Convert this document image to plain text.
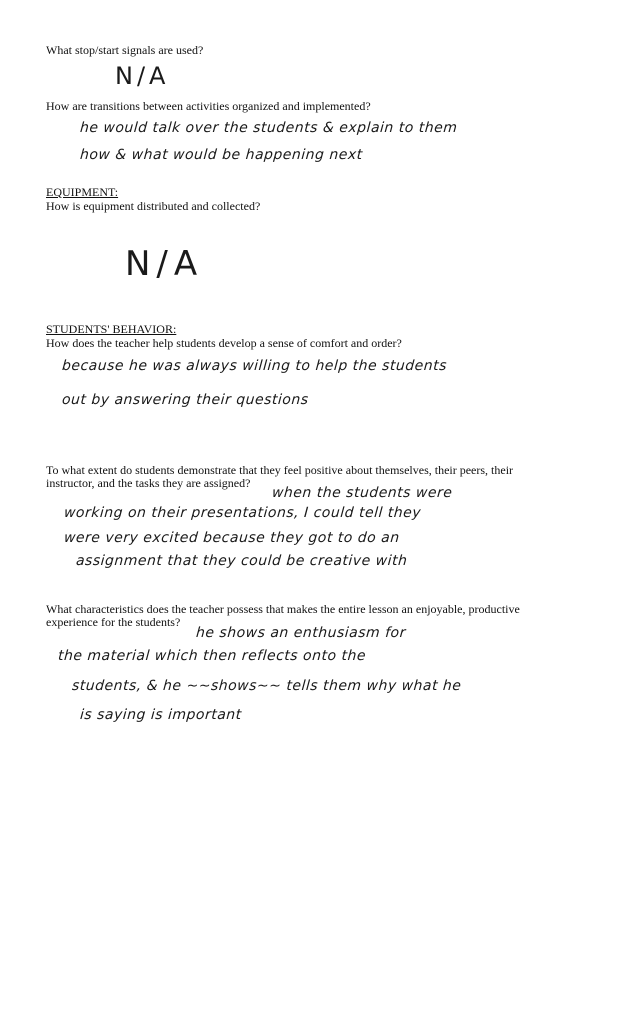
What stop/start signals are used?
N/A
How are transitions between activities organized and implemented?
he would talk over the students & explain to them
how & what would be happening next
EQUIPMENT:
How is equipment distributed and collected?
N/A
STUDENTS' BEHAVIOR:
How does the teacher help students develop a sense of comfort and order?
because he was always willing to help the students
out by answering their questions
To what extent do students demonstrate that they feel positive about themselves, their peers, their
instructor, and the tasks they are assigned?
when the students were
working on their presentations, I could tell they
were very excited because they got to do an
assignment that they could be creative with
What characteristics does the teacher possess that makes the entire lesson an enjoyable, productive
experience for the students?
he shows an enthusiasm for
the material which then reflects onto the
students, & he ~~shows~~ tells them why what he
is saying is important
